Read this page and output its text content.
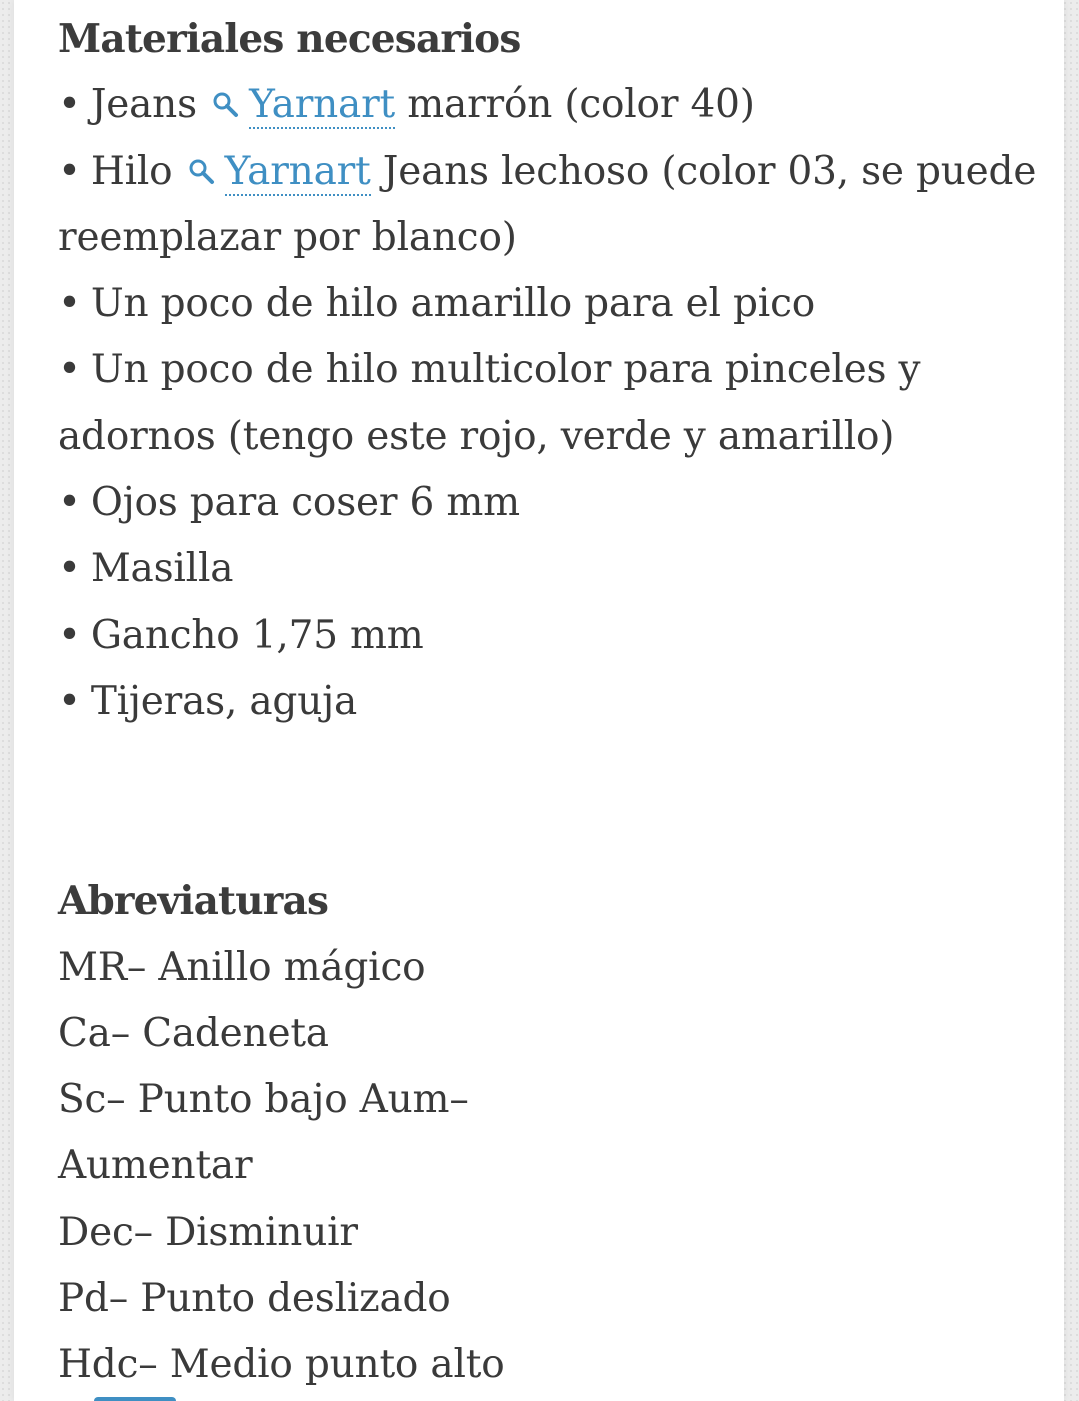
Materiales necesarios
• Jeans Yarnart marrón (color 40)
• Hilo Yarnart Jeans lechoso (color 03, se puede reemplazar por blanco)
• Un poco de hilo amarillo para el pico
• Un poco de hilo multicolor para pinceles y adornos (tengo este rojo, verde y amarillo)
• Ojos para coser 6 mm
• Masilla
• Gancho 1,75 mm
• Tijeras, aguja
Abreviaturas
MR– Anillo mágico
Ca– Cadeneta
Sc– Punto bajo Aum–
Aumentar
Dec– Disminuir
Pd– Punto deslizado
Hdc– Medio punto alto
